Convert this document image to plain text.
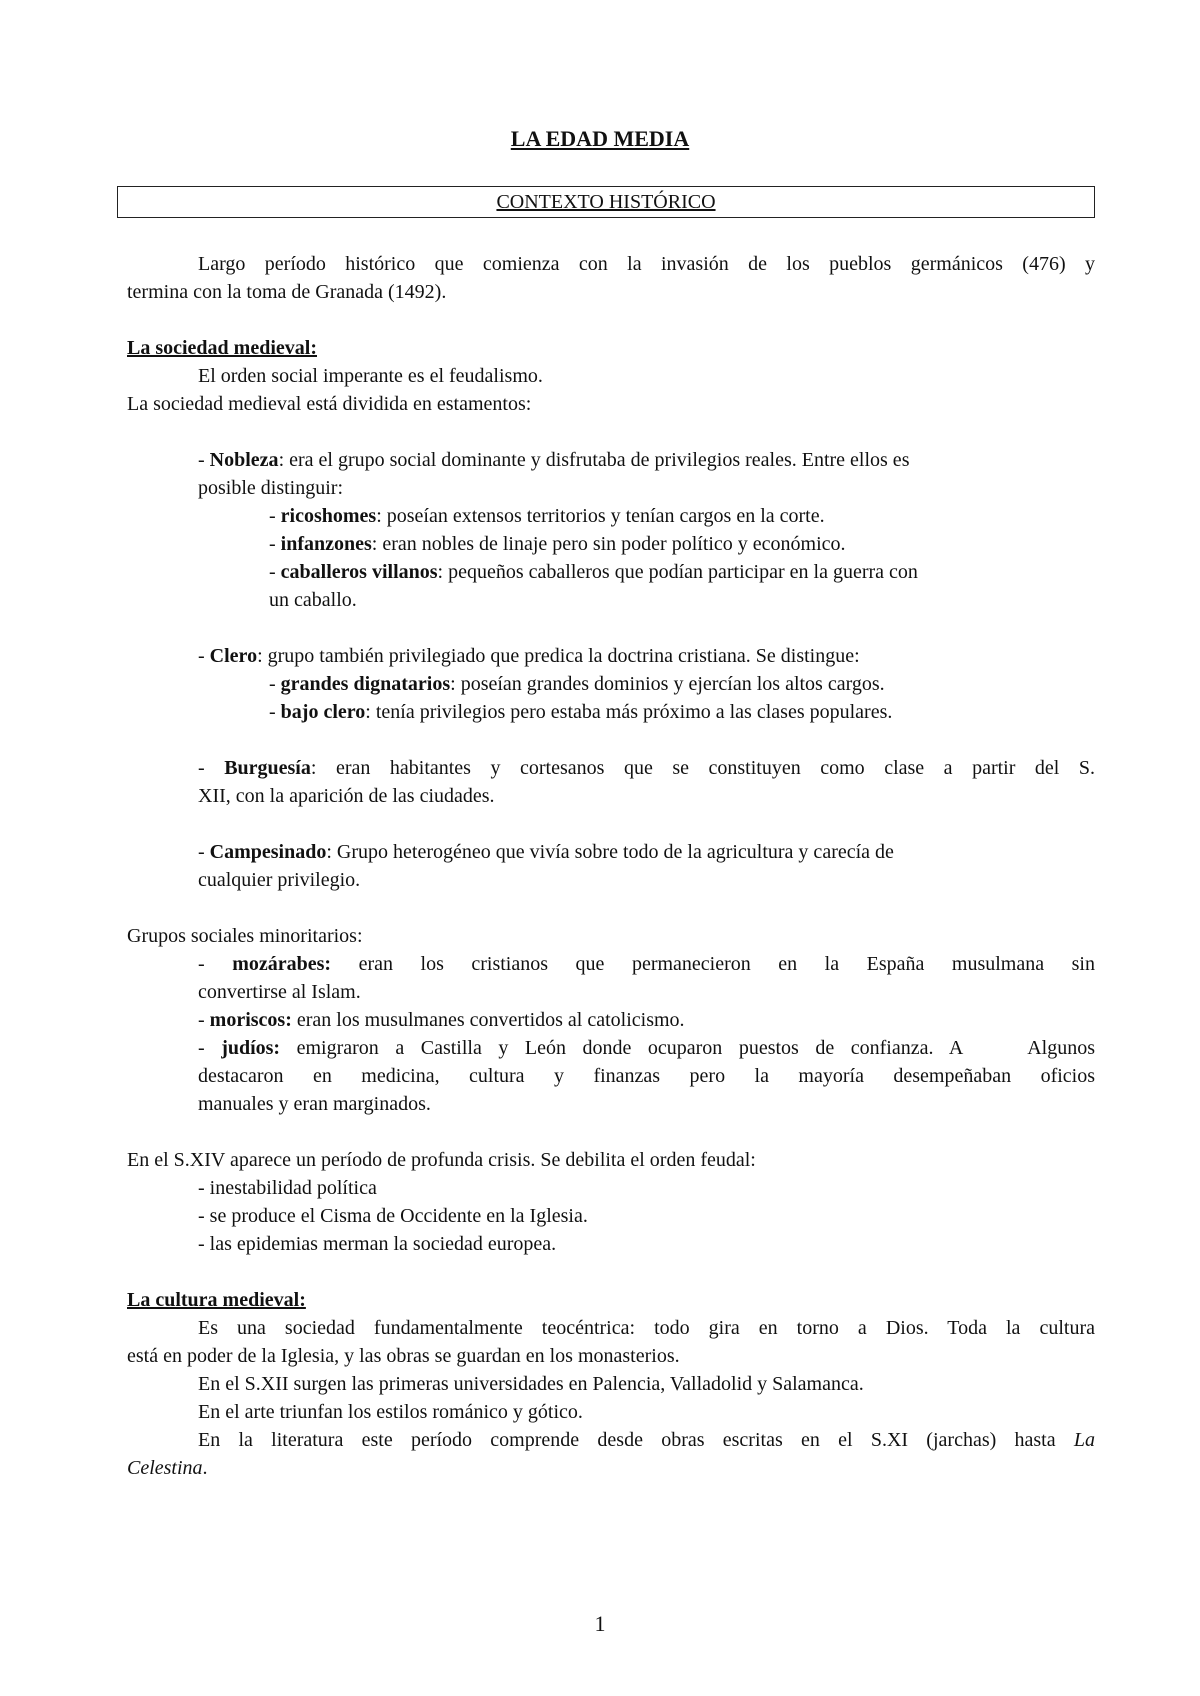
LA EDAD MEDIA
CONTEXTO HISTÓRICO
Largo período histórico que comienza con la invasión de los pueblos germánicos (476) y
termina con la toma de Granada (1492).
La sociedad medieval:
El orden social imperante es el feudalismo.
La sociedad medieval está dividida en estamentos:
- Nobleza: era el grupo social dominante y disfrutaba de privilegios reales. Entre ellos es
posible distinguir:
- ricoshomes: poseían extensos territorios y tenían cargos en la corte.
- infanzones: eran nobles de linaje pero sin poder político y económico.
- caballeros villanos: pequeños caballeros que podían participar en la guerra con
un caballo.
- Clero: grupo también privilegiado que predica la doctrina cristiana. Se distingue:
- grandes dignatarios: poseían grandes dominios y ejercían los altos cargos.
- bajo clero: tenía privilegios pero estaba más próximo a las clases populares.
- Burguesía: eran habitantes y cortesanos que se constituyen como clase a partir del S.
XII, con la aparición de las ciudades.
- Campesinado: Grupo heterogéneo que vivía sobre todo de la agricultura y carecía de
cualquier privilegio.
Grupos sociales minoritarios:
- mozárabes: eran los cristianos que permanecieron en la España musulmana sin
convertirse al Islam.
- moriscos: eran los musulmanes convertidos al catolicismo.
- judíos: emigraron a Castilla y León donde ocuparon puestos de confianza. A    Algunos
destacaron en medicina, cultura y finanzas pero la mayoría desempeñaban oficios
manuales y eran marginados.
En el S.XIV aparece un período de profunda crisis. Se debilita el orden feudal:
- inestabilidad política
- se produce el Cisma de Occidente en la Iglesia.
- las epidemias merman la sociedad europea.
La cultura medieval:
Es una sociedad fundamentalmente teocéntrica: todo gira en torno a Dios. Toda la cultura
está en poder de la Iglesia, y las obras se guardan en los monasterios.
En el S.XII surgen las primeras universidades en Palencia, Valladolid y Salamanca.
En el arte triunfan los estilos románico y gótico.
En la literatura este período comprende desde obras escritas en el S.XI (jarchas) hasta La
Celestina.
1
